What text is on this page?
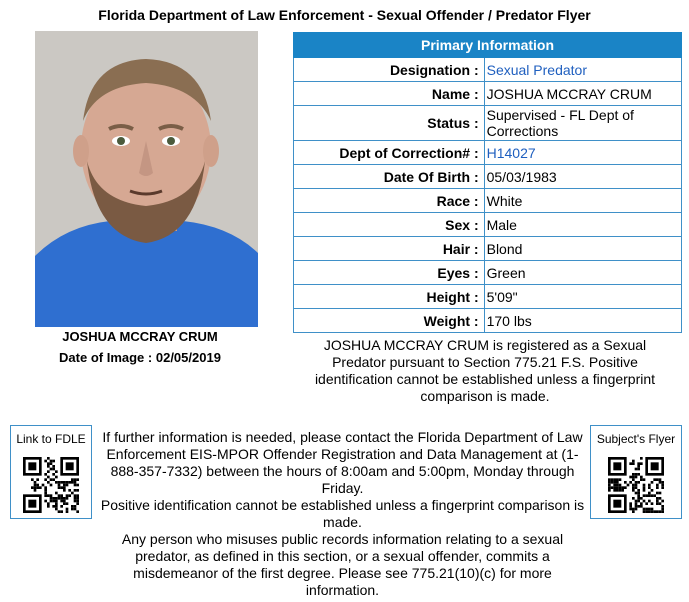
Florida Department of Law Enforcement - Sexual Offender / Predator Flyer
JOSHUA MCCRAY CRUM
Date of Image : 02/05/2019
Primary Information	
Designation :	Sexual Predator
Name :	JOSHUA MCCRAY CRUM
Status :	Supervised - FL Dept of Corrections
Dept of Correction# :	H14027
Date Of Birth :	05/03/1983
Race :	White
Sex :	Male
Hair :	Blond
Eyes :	Green
Height :	5'09"
Weight :	170 lbs
JOSHUA MCCRAY CRUM is registered as a Sexual Predator pursuant to Section 775.21 F.S. Positive identification cannot be established unless a fingerprint comparison is made.
Link to FDLE	If further information is needed, please contact the Florida Department of Law Enforcement EIS-MPOR Offender Registration and Data Management at (1-888-357-7332) between the hours of 8:00am and 5:00pm, Monday through Friday.

Positive identification cannot be established unless a fingerprint comparison is made.

Any person who misuses public records information relating to a sexual predator, as defined in this section, or a sexual offender, commits a misdemeanor of the first degree. Please see 775.21(10)(c) for more information.

Subject's Flyer
